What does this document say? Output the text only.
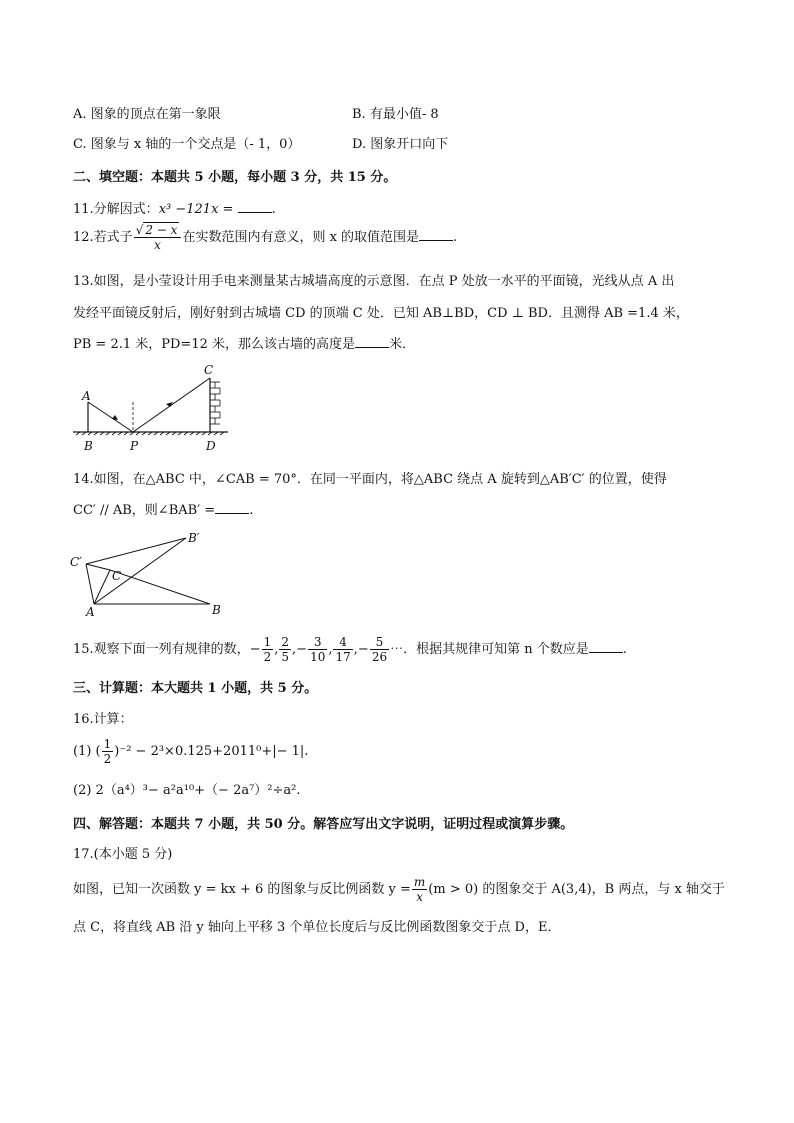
A. 图象的顶点在第一象限	B. 有最小值- 8
C. 图象与 x 轴的一个交点是（- 1，0）	D. 图象开口向下
二、填空题：本题共 5 小题，每小题 3 分，共 15 分。
11.分解因式：x³ −121x =	.
12.若式子 $\frac{√ 2 - x}{x}$ 在实数范围内有意义，则 x 的取值范围是	.
13.如图，是小莹设计用手电来测量某古城墙高度的示意图．在点 P 处放一水平的平面镜，光线从点 A 出
发经平面镜反射后，刚好射到古城墙 CD 的顶端 C 处．已知 AB⊥BD，CD ⊥ BD．且测得 AB =1.4 米，
PB = 2.1 米，PD=12 米，那么该古墙的高度是	米．
A
B	P
C
D
14.如图，在△ABC 中，∠CAB = 70°．在同一平面内，将△ABC 绕点 A 旋转到△AB′C′ 的位置，使得
CC′ // AB，则∠BAB′ =	.
A	B
C
B′
C′
15.观察下面一列有规律的数，− $\frac{1}{2}$ , $\frac{2}{5}$ ,− $\frac{3}{10}$ , $\frac{4}{17}$ ,− $\frac{5}{26}$ ⋯．根据其规律可知第 n 个数应是	.
三、计算题：本大题共 1 小题，共 5 分。
16.计算：
(1) ( $\frac{1}{2} )^{-2} - 2^3\times 0.125+2011^0+|- 1|$.
(2) 2（a⁴）³− a²a¹⁰+（− 2a⁷）²÷a².
四、解答题：本题共 7 小题，共 50 分。解答应写出文字说明，证明过程或演算步骤。
17.(本小题 5 分)
如图，已知一次函数 y = kx + 6 的图象与反比例函数 $y = \frac{m}{x} (m > 0)$ 的图象交于 A(3,4)，B 两点，与 x 轴交于
点 C，将直线 AB 沿 y 轴向上平移 3 个单位长度后与反比例函数图象交于点 D，E．
